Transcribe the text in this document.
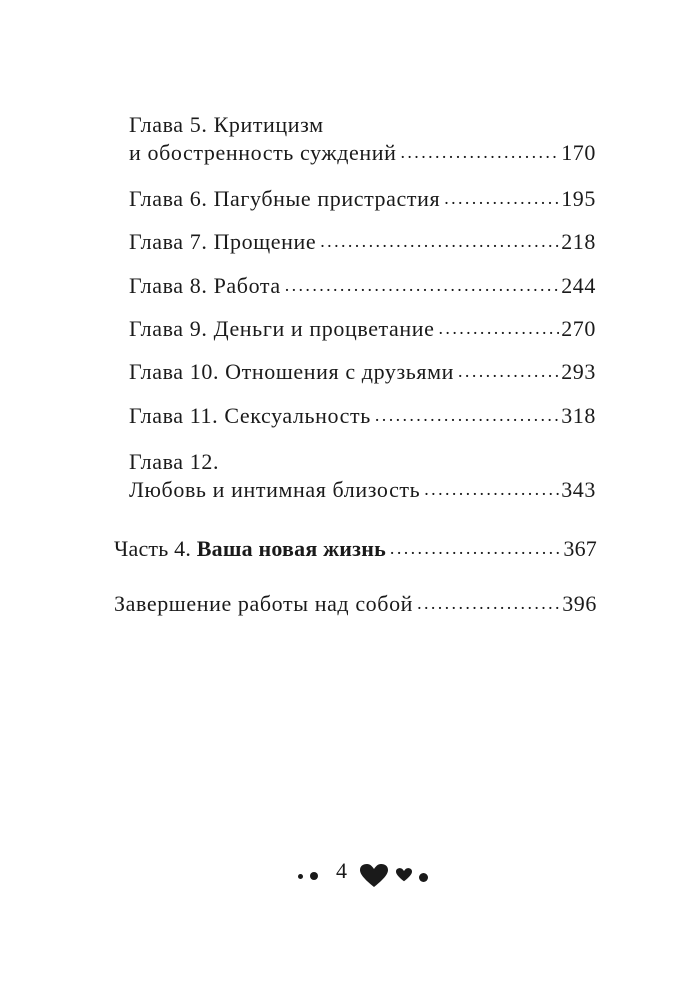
Глава 5. Критицизм
и обостренность суждений .....	170
Глава 6. Пагубные пристрастия .....	195
Глава 7. Прощение .....	218
Глава 8. Работа .....	244
Глава 9. Деньги и процветание .....	270
Глава 10. Отношения с друзьями .....	293
Глава 11. Сексуальность .....	318
Глава 12.
Любовь и интимная близость .....	343
Часть 4. Ваша новая жизнь .....	367
Завершение работы над собой .....	396
4
